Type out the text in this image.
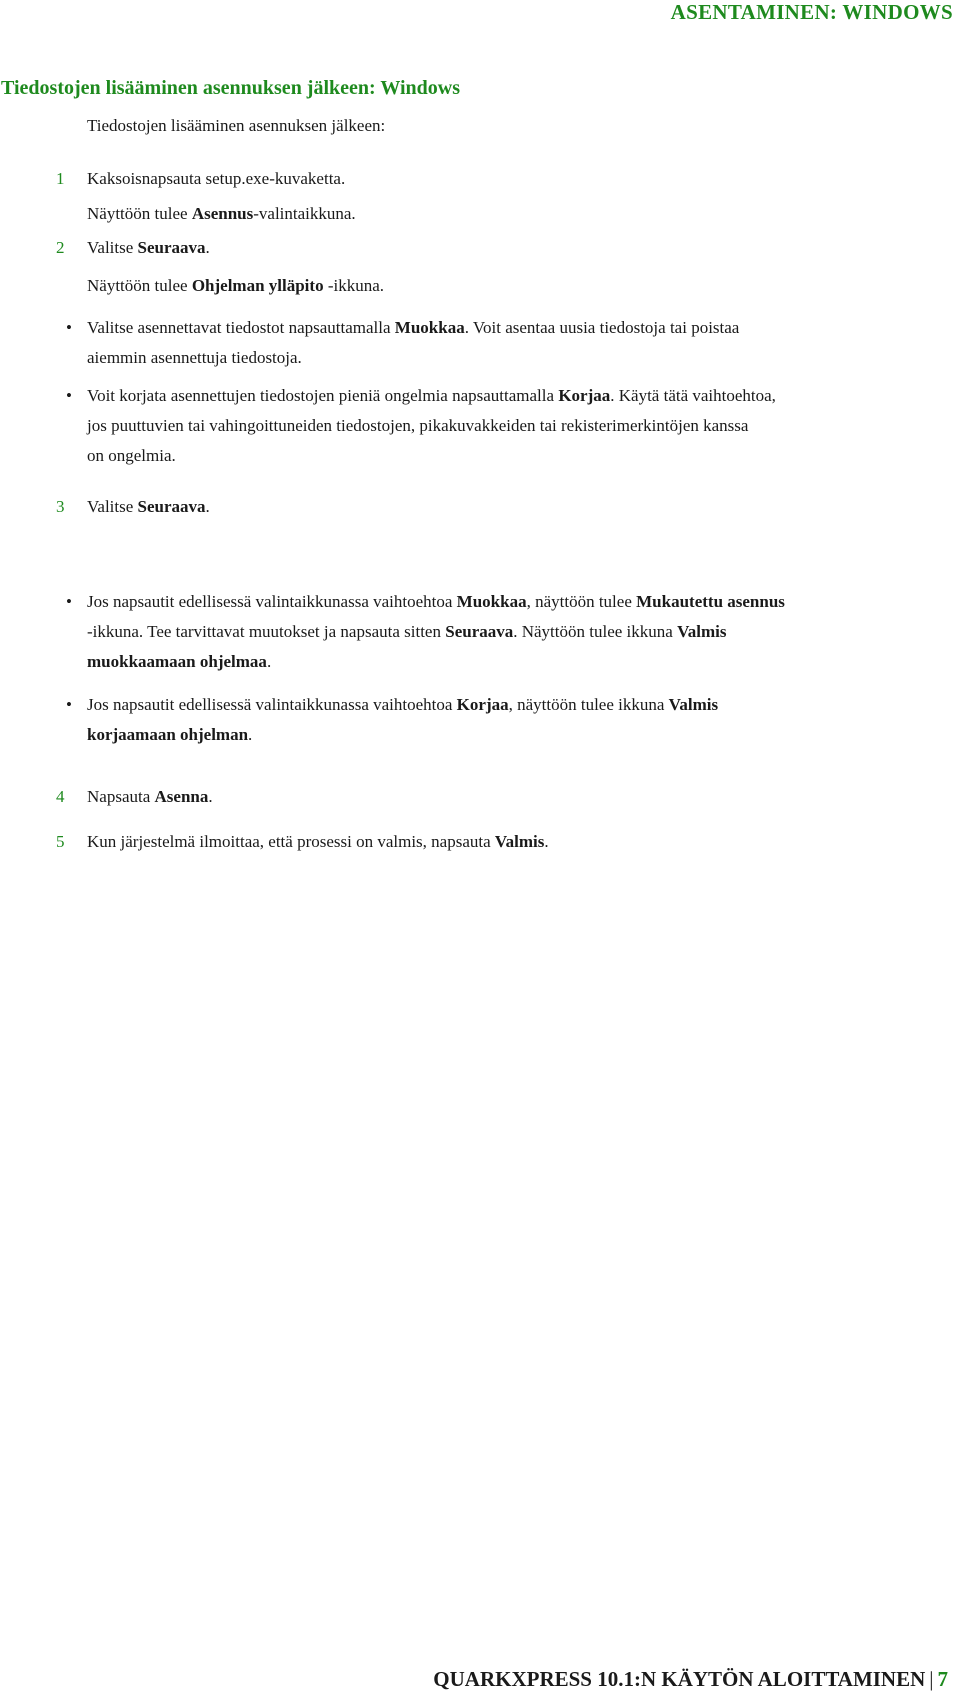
ASENTAMINEN: WINDOWS
Tiedostojen lisääminen asennuksen jälkeen: Windows
Tiedostojen lisääminen asennuksen jälkeen:
1 Kaksoisnapsauta setup.exe-kuvaketta.
Näyttöön tulee Asennus-valintaikkuna.
2 Valitse Seuraava.
Näyttöön tulee Ohjelman ylläpito -ikkuna.
• Valitse asennettavat tiedostot napsauttamalla Muokkaa. Voit asentaa uusia tiedostoja tai poistaa
aiemmin asennettuja tiedostoja.
• Voit korjata asennettujen tiedostojen pieniä ongelmia napsauttamalla Korjaa. Käytä tätä vaihtoehtoa,
jos puuttuvien tai vahingoittuneiden tiedostojen, pikakuvakkeiden tai rekisterimerkintöjen kanssa
on ongelmia.
3 Valitse Seuraava.
• Jos napsautit edellisessä valintaikkunassa vaihtoehtoa Muokkaa, näyttöön tulee Mukautettu asennus
-ikkuna. Tee tarvittavat muutokset ja napsauta sitten Seuraava. Näyttöön tulee ikkuna Valmis
muokkaamaan ohjelmaa.
• Jos napsautit edellisessä valintaikkunassa vaihtoehtoa Korjaa, näyttöön tulee ikkuna Valmis
korjaamaan ohjelman.
4 Napsauta Asenna.
5 Kun järjestelmä ilmoittaa, että prosessi on valmis, napsauta Valmis.
QUARKXPRESS 10.1:N KÄYTÖN ALOITTAMINEN | 7
